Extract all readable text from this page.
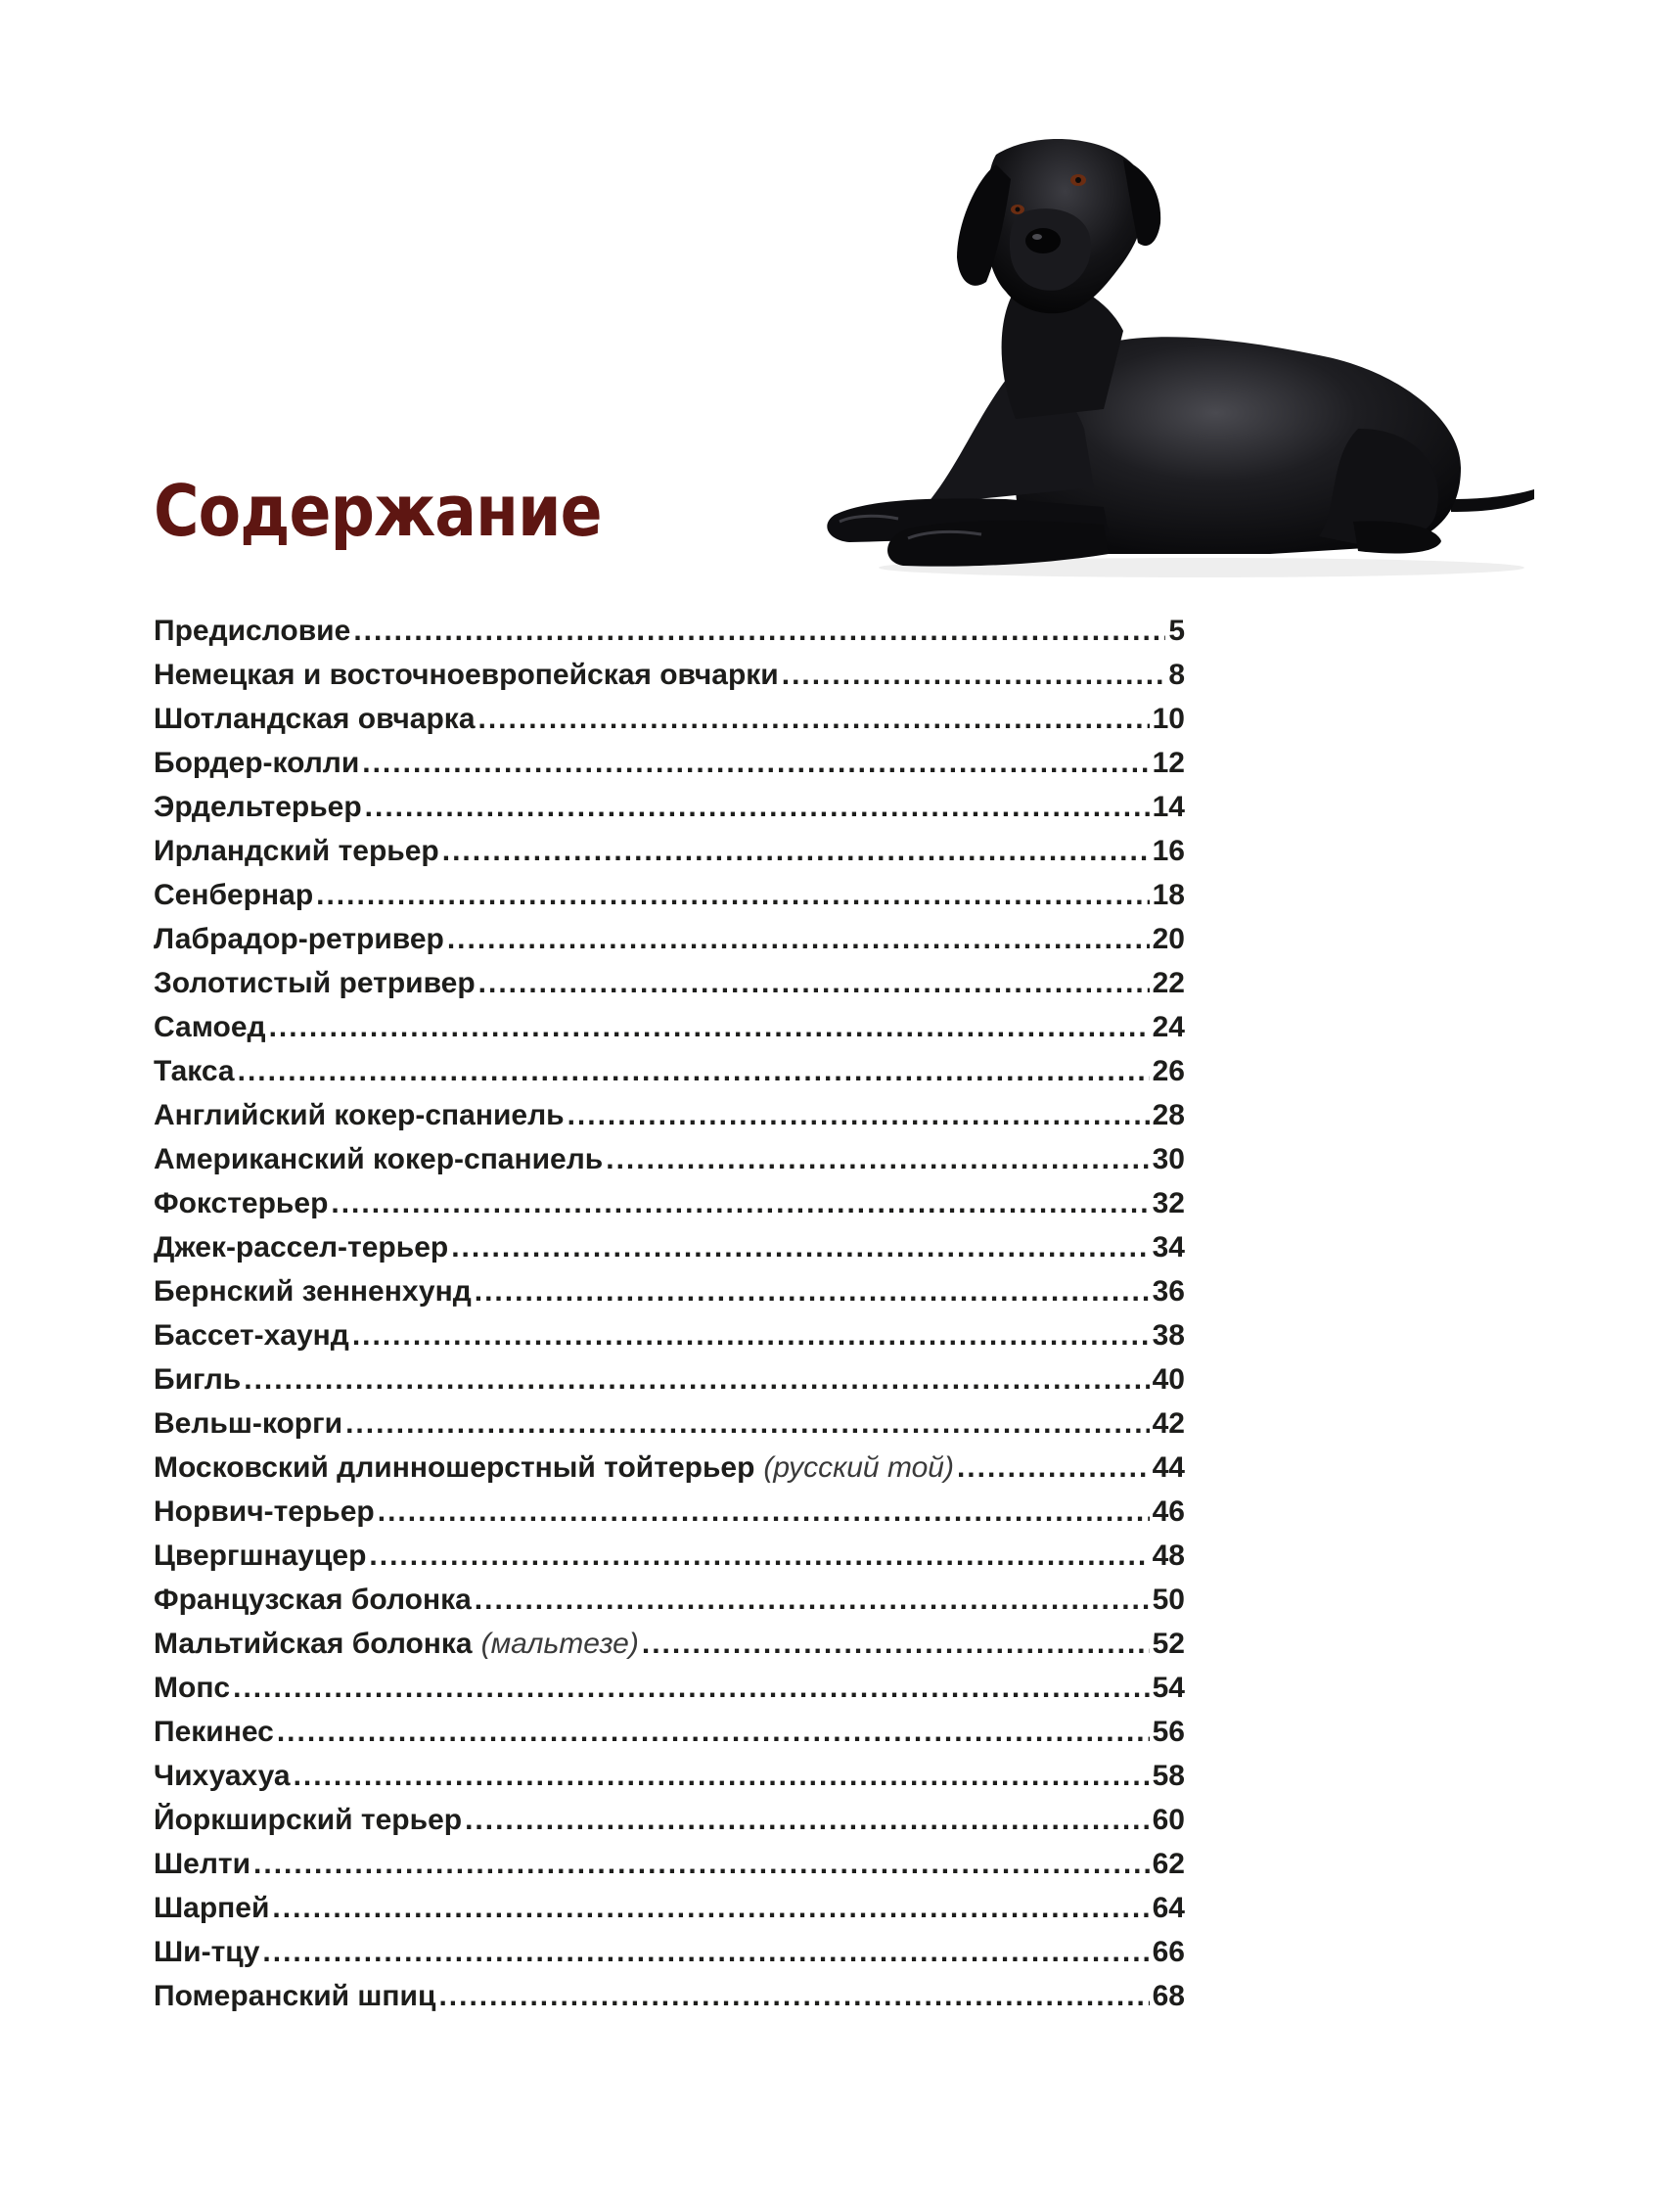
Содержание
Предисловие .....	5
Немецкая и восточноевропейская овчарки .....	8
Шотландская овчарка .....	10
Бордер-колли .....	12
Эрдельтерьер .....	14
Ирландский терьер .....	16
Сенбернар .....	18
Лабрадор-ретривер .....	20
Золотистый ретривер .....	22
Самоед .....	24
Такса .....	26
Английский кокер-спаниель .....	28
Американский кокер-спаниель .....	30
Фокстерьер .....	32
Джек-рассел-терьер .....	34
Бернский зенненхунд .....	36
Бассет-хаунд .....	38
Бигль .....	40
Вельш-корги .....	42
Московский длинношерстный тойтерьер (русский той) .....	44
Норвич-терьер .....	46
Цвергшнауцер .....	48
Французская болонка .....	50
Мальтийская болонка (мальтезе) .....	52
Мопс .....	54
Пекинес .....	56
Чихуахуа .....	58
Йоркширский терьер .....	60
Шелти .....	62
Шарпей .....	64
Ши-тцу .....	66
Померанский шпиц .....	68
